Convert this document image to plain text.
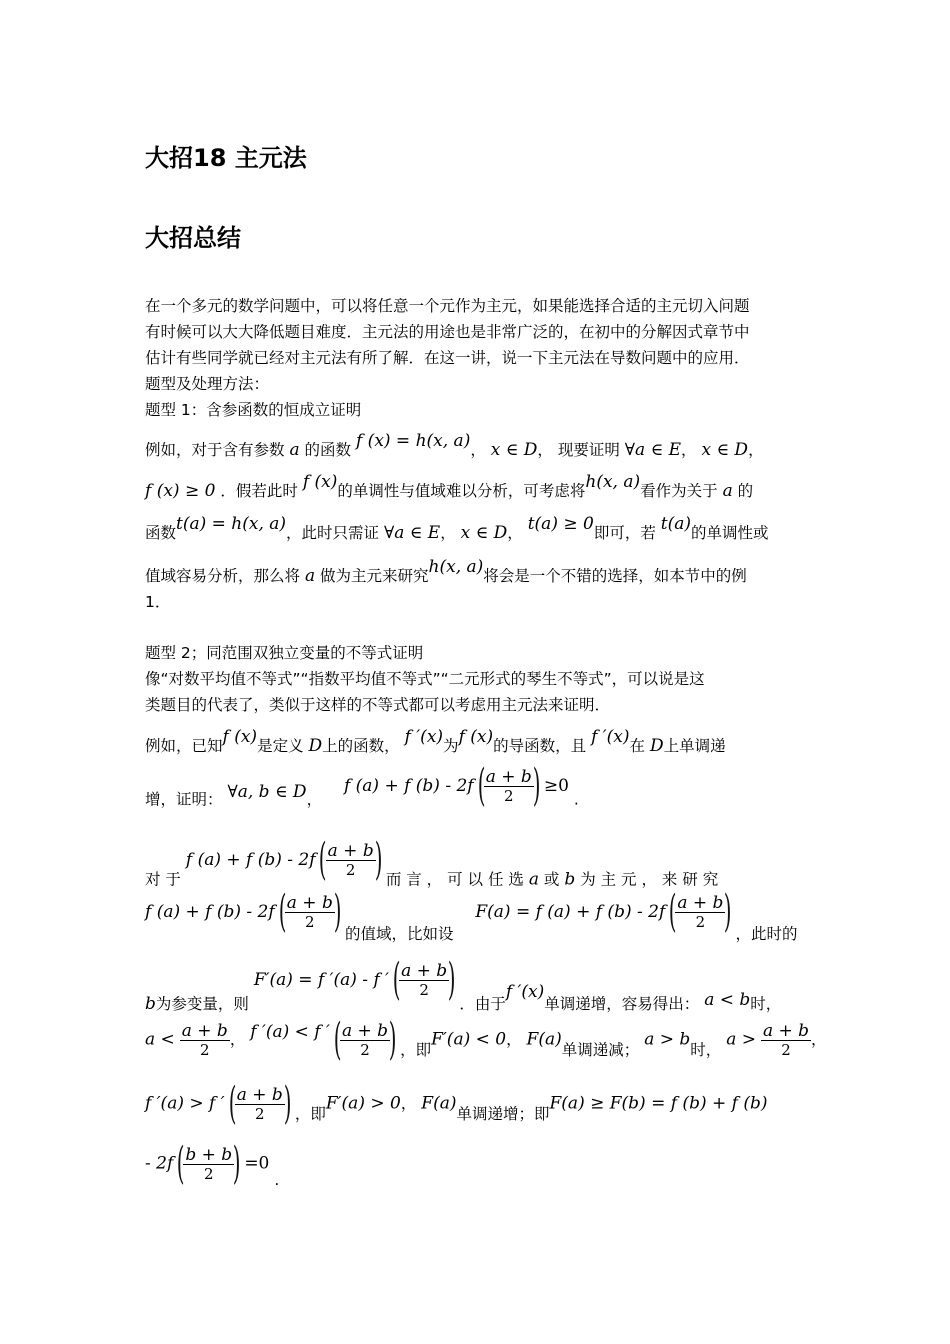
大招18 主元法
大招总结
在一个多元的数学问题中，可以将任意一个元作为主元，如果能选择合适的主元切入问题
有时候可以大大降低题目难度．主元法的用途也是非常广泛的，在初中的分解因式章节中
估计有些同学就已经对主元法有所了解．在这一讲，说一下主元法在导数问题中的应用．
题型及处理方法：
题型 1：含参函数的恒成立证明
例如，对于含有参数 a 的函数 f (x) = h(x, a)， x ∈ D， 现要证明 ∀a ∈ E， x ∈ D，
f (x) ≥ 0 ．假若此时 f (x)的单调性与值域难以分析，可考虑将h(x, a)看作为关于 a 的
函数t(a) = h(x, a)，此时只需证 ∀a ∈ E， x ∈ D， t(a) ≥ 0即可，若 t(a)的单调性或
值域容易分析，那么将 a 做为主元来研究h(x, a)将会是一个不错的选择，如本节中的例
1．
题型 2；同范围双独立变量的不等式证明
像“对数平均值不等式”“指数平均值不等式”“二元形式的琴生不等式”，可以说是这
类题目的代表了，类似于这样的不等式都可以考虑用主元法来证明．
例如，已知f (x)是定义 D上的函数， f ′(x)为f (x)的导函数，且 f ′(x)在 D上单调递
增，证明： ∀a, b ∈ D，  f (a) + f (b) - 2f (
$\frac{a + b}{2}$
) ≥0 .
对 于 f (a) + f (b) - 2f (
$\frac{a + b}{2}$
) 而 言 ， 可 以 任 选 a 或 b 为 主 元 ， 来 研 究
f (a) + f (b) - 2f (
$\frac{a + b}{2}$
) 的值域，比如设  F(a) = f (a) + f (b) - 2f (
$\frac{a + b}{2}$
) ，此时的
b为参变量，则 F′(a) = f ′(a) - f ′ (
$\frac{a + b}{2}$
) ．由于f ′(x)单调递增，容易得出： a < b时，
$a < \frac{a + b}{2}$ ， f ′(a) < f ′ (
$\frac{a + b}{2}$
) ，即F′(a) < 0， F(a)单调递减； a > b时， $a > \frac{a + b}{2}$ ，
f ′(a) > f ′ (
$\frac{a + b}{2}$
) ，即F′(a) > 0， F(a)单调递增；即F(a) ≥ F(b) = f (b) + f (b)
- 2f (
$\frac{b + b}{2}$
) =0 .
